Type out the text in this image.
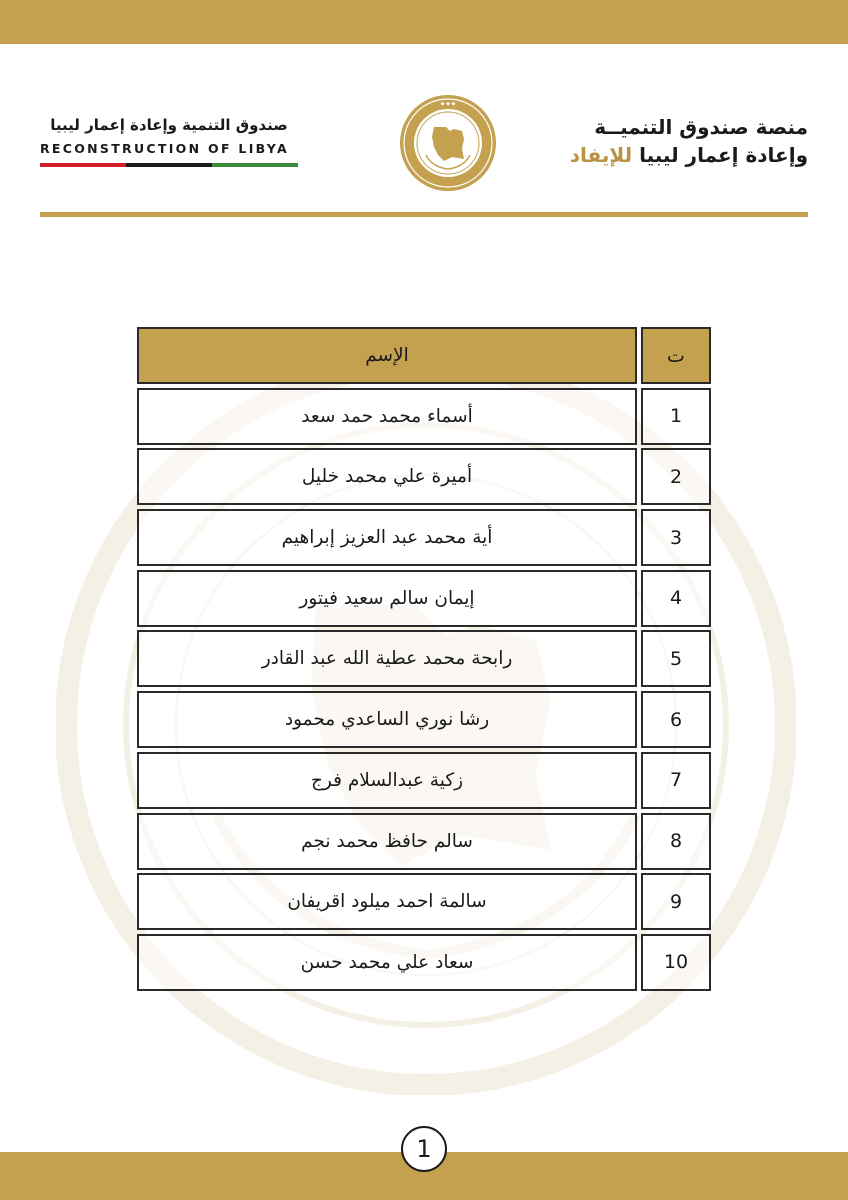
صندوق التنمية وإعادة إعمار ليبيا
RECONSTRUCTION OF LIBYA
◆ ◆ ◆
منصة صندوق التنميــة
وإعادة إعمار ليبيا للإيفاد
الإسم	ت
أسماء محمد حمد سعد	1
أميرة علي محمد خليل	2
أية محمد عبد العزيز إبراهيم	3
إيمان سالم سعيد فيتور	4
رابحة محمد عطية الله عبد القادر	5
رشا نوري الساعدي محمود	6
زكية عبدالسلام فرج	7
سالم حافظ محمد نجم	8
سالمة احمد ميلود اقريفان	9
سعاد علي محمد حسن	10
1
